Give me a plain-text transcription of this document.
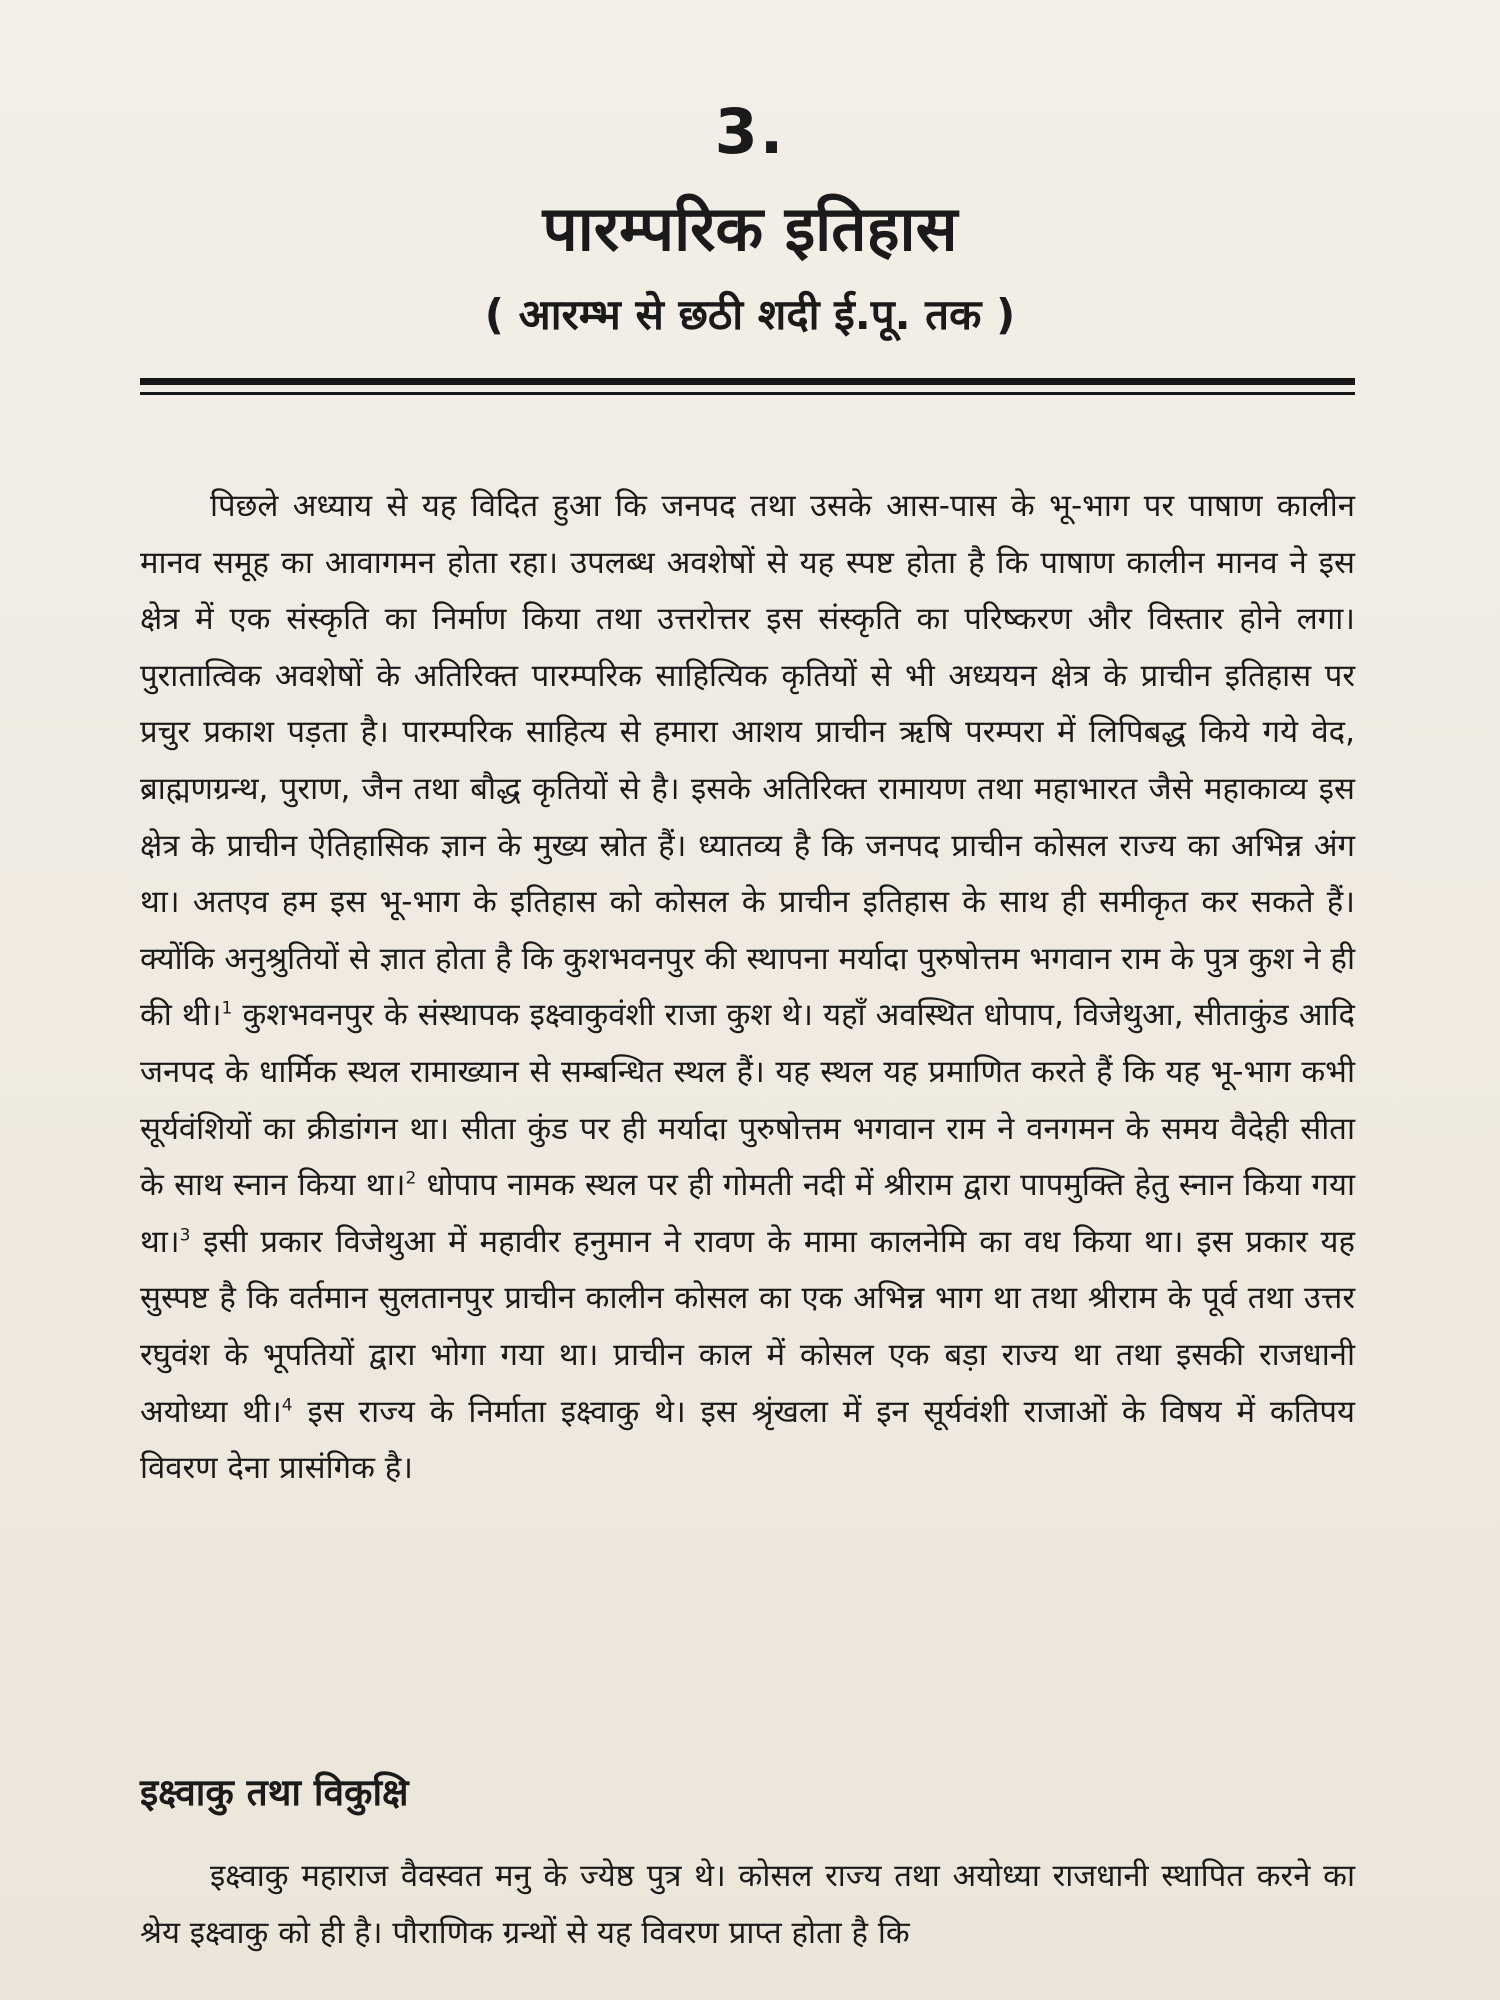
3.
पारम्परिक इतिहास
( आरम्भ से छठी शदी ई.पू. तक )

पिछले अध्याय से यह विदित हुआ कि जनपद तथा उसके आस-पास के भू-भाग पर पाषाण कालीन मानव समूह का आवागमन होता रहा। उपलब्ध अवशेषों से यह स्पष्ट होता है कि पाषाण कालीन मानव ने इस क्षेत्र में एक संस्कृति का निर्माण किया तथा उत्तरोत्तर इस संस्कृति का परिष्करण और विस्तार होने लगा। पुरातात्विक अवशेषों के अतिरिक्त पारम्परिक साहित्यिक कृतियों से भी अध्ययन क्षेत्र के प्राचीन इतिहास पर प्रचुर प्रकाश पड़ता है। पारम्परिक साहित्य से हमारा आशय प्राचीन ऋषि परम्परा में लिपिबद्ध किये गये वेद, ब्राह्मणग्रन्थ, पुराण, जैन तथा बौद्ध कृतियों से है। इसके अतिरिक्त रामायण तथा महाभारत जैसे महाकाव्य इस क्षेत्र के प्राचीन ऐतिहासिक ज्ञान के मुख्य स्रोत हैं। ध्यातव्य है कि जनपद प्राचीन कोसल राज्य का अभिन्न अंग था। अतएव हम इस भू-भाग के इतिहास को कोसल के प्राचीन इतिहास के साथ ही समीकृत कर सकते हैं। क्योंकि अनुश्रुतियों से ज्ञात होता है कि कुशभवनपुर की स्थापना मर्यादा पुरुषोत्तम भगवान राम के पुत्र कुश ने ही की थी।$^1$ कुशभवनपुर के संस्थापक इक्ष्वाकुवंशी राजा कुश थे। यहाँ अवस्थित धोपाप, विजेथुआ, सीताकुंड आदि जनपद के धार्मिक स्थल रामाख्यान से सम्बन्धित स्थल हैं। यह स्थल यह प्रमाणित करते हैं कि यह भू-भाग कभी सूर्यवंशियों का क्रीडांगन था। सीता कुंड पर ही मर्यादा पुरुषोत्तम भगवान राम ने वनगमन के समय वैदेही सीता के साथ स्नान किया था।$^2$ धोपाप नामक स्थल पर ही गोमती नदी में श्रीराम द्वारा पापमुक्ति हेतु स्नान किया गया था।$^3$ इसी प्रकार विजेथुआ में महावीर हनुमान ने रावण के मामा कालनेमि का वध किया था। इस प्रकार यह सुस्पष्ट है कि वर्तमान सुलतानपुर प्राचीन कालीन कोसल का एक अभिन्न भाग था तथा श्रीराम के पूर्व तथा उत्तर रघुवंश के भूपतियों द्वारा भोगा गया था। प्राचीन काल में कोसल एक बड़ा राज्य था तथा इसकी राजधानी अयोध्या थी।$^4$ इस राज्य के निर्माता इक्ष्वाकु थे। इस श्रृंखला में इन सूर्यवंशी राजाओं के विषय में कतिपय विवरण देना प्रासंगिक है।

इक्ष्वाकु तथा विकुक्षि

इक्ष्वाकु महाराज वैवस्वत मनु के ज्येष्ठ पुत्र थे। कोसल राज्य तथा अयोध्या राजधानी स्थापित करने का श्रेय इक्ष्वाकु को ही है। पौराणिक ग्रन्थों से यह विवरण प्राप्त होता है कि
